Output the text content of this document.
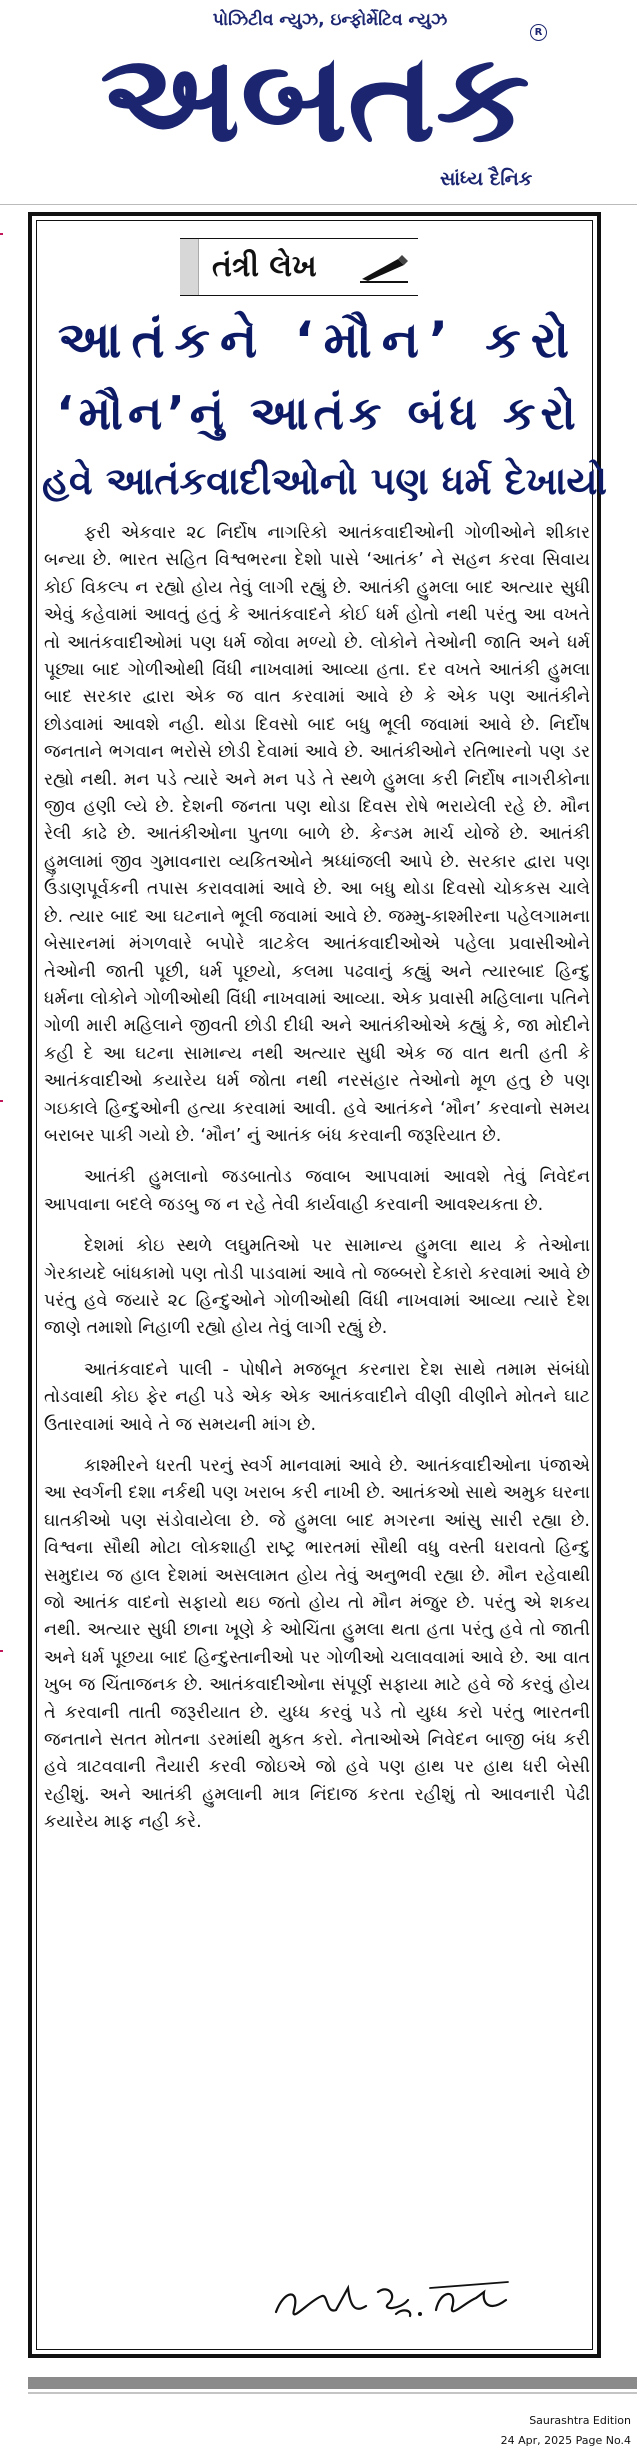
પોઝિટીવ ન્યુઝ, ઇન્ફોર્મેટિવ ન્યુઝ
અબતક R
સાંધ્ય દૈનિક
તંત્રી લેખ
આતંકને ‘મૌન’ કરો
‘મૌન’નું આતંક બંધ કરો
હવે આતંકવાદીઓનો પણ ધર્મ દેખાયો

ફરી એકવાર ૨૮ નિર્દોષ નાગરિકો આતંકવાદીઓની ગોળીઓને શીકાર બન્યા છે. ભારત સહિત વિશ્વભરના દેશો પાસે ‘આતંક’ ને સહન કરવા સિવાય કોઈ વિકલ્પ ન રહ્યો હોય તેવું લાગી રહ્યું છે. આતંકી હુમલા બાદ અત્યાર સુધી એવું કહેવામાં આવતું હતું કે આતંકવાદને કોઈ ધર્મ હોતો નથી પરંતુ આ વખતે તો આતંકવાદીઓમાં પણ ધર્મ જોવા મળ્યો છે. લોકોને તેઓની જાતિ અને ધર્મ પૂછ્યા બાદ ગોળીઓથી વિંધી નાખવામાં આવ્યા હતા. દર વખતે આતંકી હુમલા બાદ સરકાર દ્વારા એક જ વાત કરવામાં આવે છે કે એક પણ આતંકીને છોડવામાં આવશે નહી. થોડા દિવસો બાદ બધુ ભૂલી જવામાં આવે છે. નિર્દોષ જનતાને ભગવાન ભરોસે છોડી દેવામાં આવે છે. આતંકીઓને રતિભારનો પણ ડર રહ્યો નથી. મન પડે ત્યારે અને મન પડે તે સ્થળે હુમલા કરી નિર્દોષ નાગરીકોના જીવ હણી લ્યે છે. દેશની જનતા પણ થોડા દિવસ રોષે ભરાયેલી રહે છે. મૌન રેલી કાઢે છે. આતંકીઓના પુતળા બાળે છે. કેન્ડમ માર્ચ યોજે છે. આતંકી હુમલામાં જીવ ગુમાવનારા વ્યકિતઓને શ્રધ્ધાંજલી આપે છે. સરકાર દ્વારા પણ ઉંડાણપૂર્વકની તપાસ કરાવવામાં આવે છે. આ બધુ થોડા દિવસો ચોકકસ ચાલે છે. ત્યાર બાદ આ ઘટનાને ભૂલી જવામાં આવે છે. જમ્મુ-કાશ્મીરના પહેલગામના બેસારનમાં મંગળવારે બપોરે ત્રાટકેલ આતંકવાદીઓએ પહેલા પ્રવાસીઓને તેઓની જાતી પૂછી, ધર્મ પૂછયો, કલમા પઢવાનું કહ્યું અને ત્યારબાદ હિન્દુ ધર્મના લોકોને ગોળીઓથી વિંધી નાખવામાં આવ્યા. એક પ્રવાસી મહિલાના પતિને ગોળી મારી મહિલાને જીવતી છોડી દીધી અને આતંકીઓએ કહ્યું કે, જા મોદીને કહી દે આ ઘટના સામાન્ય નથી અત્યાર સુધી એક જ વાત થતી હતી કે આતંકવાદીઓ કયારેય ધર્મ જોતા નથી નરસંહાર તેઓનો મૂળ હતુ છે પણ ગઇકાલે હિન્દુઓની હત્યા કરવામાં આવી. હવે આતંકને ‘મૌન’ કરવાનો સમય બરાબર પાકી ગયો છે. ‘મૌન’ નું આતંક બંધ કરવાની જરૂરિયાત છે.

આતંકી હુમલાનો જડબાતોડ જવાબ આપવામાં આવશે તેવું નિવેદન આપવાના બદલે જડબુ જ ન રહે તેવી કાર્યવાહી કરવાની આવશ્યકતા છે.

દેશમાં કોઇ સ્થળે લઘુમતિઓ પર સામાન્ય હુમલા થાય કે તેઓના ગેરકાયદે બાંધકામો પણ તોડી પાડવામાં આવે તો જબ્બરો દેકારો કરવામાં આવે છે પરંતુ હવે જયારે ૨૮ હિન્દુઓને ગોળીઓથી વિંધી નાખવામાં આવ્યા ત્યારે દેશ જાણે તમાશો નિહાળી રહ્યો હોય તેવું લાગી રહ્યું છે.

આતંકવાદને પાલી - પોષીને મજબૂત કરનારા દેશ સાથે તમામ સંબંધો તોડવાથી કોઇ ફેર નહી પડે એક એક આતંકવાદીને વીણી વીણીને મોતને ઘાટ ઉતારવામાં આવે તે જ સમયની માંગ છે.

કાશ્મીરને ધરતી પરનું સ્વર્ગ માનવામાં આવે છે. આતંકવાદીઓના પંજાએ આ સ્વર્ગની દશા નર્કથી પણ ખરાબ કરી નાખી છે. આતંકઓ સાથે અમુક ઘરના ઘાતકીઓ પણ સંડોવાયેલા છે. જે હુમલા બાદ મગરના આંસુ સારી રહ્યા છે. વિશ્વના સૌથી મોટા લોકશાહી રાષ્ટ્ર ભારતમાં સૌથી વધુ વસ્તી ધરાવતો હિન્દુ સમુદાય જ હાલ દેશમાં અસલામત હોય તેવું અનુભવી રહ્યા છે. મૌન રહેવાથી જો આતંક વાદનો સફાયો થઇ જતો હોય તો મૌન મંજુર છે. પરંતુ એ શકય નથી. અત્યાર સુધી છાના ખૂણે કે ઓચિંતા હુમલા થતા હતા પરંતુ હવે તો જાતી અને ધર્મ પૂછયા બાદ હિન્દુસ્તાનીઓ પર ગોળીઓ ચલાવવામાં આવે છે. આ વાત ખુબ જ ચિંતાજનક છે. આતંકવાદીઓના સંપૂર્ણ સફાયા માટે હવે જે કરવું હોય તે કરવાની તાતી જરૂરીયાત છે. યુધ્ધ કરવું પડે તો યુધ્ધ કરો પરંતુ ભારતની જનતાને સતત મોતના ડરમાંથી મુકત કરો. નેતાઓએ નિવેદન બાજી બંધ કરી હવે ત્રાટવવાની તૈયારી કરવી જોઇએ જો હવે પણ હાથ પર હાથ ધરી બેસી રહીશું. અને આતંકી હુમલાની માત્ર નિંદાજ કરતા રહીશું તો આવનારી પેઢી કયારેય માફ નહી કરે.

Saurashtra Edition
24 Apr, 2025 Page No.4
